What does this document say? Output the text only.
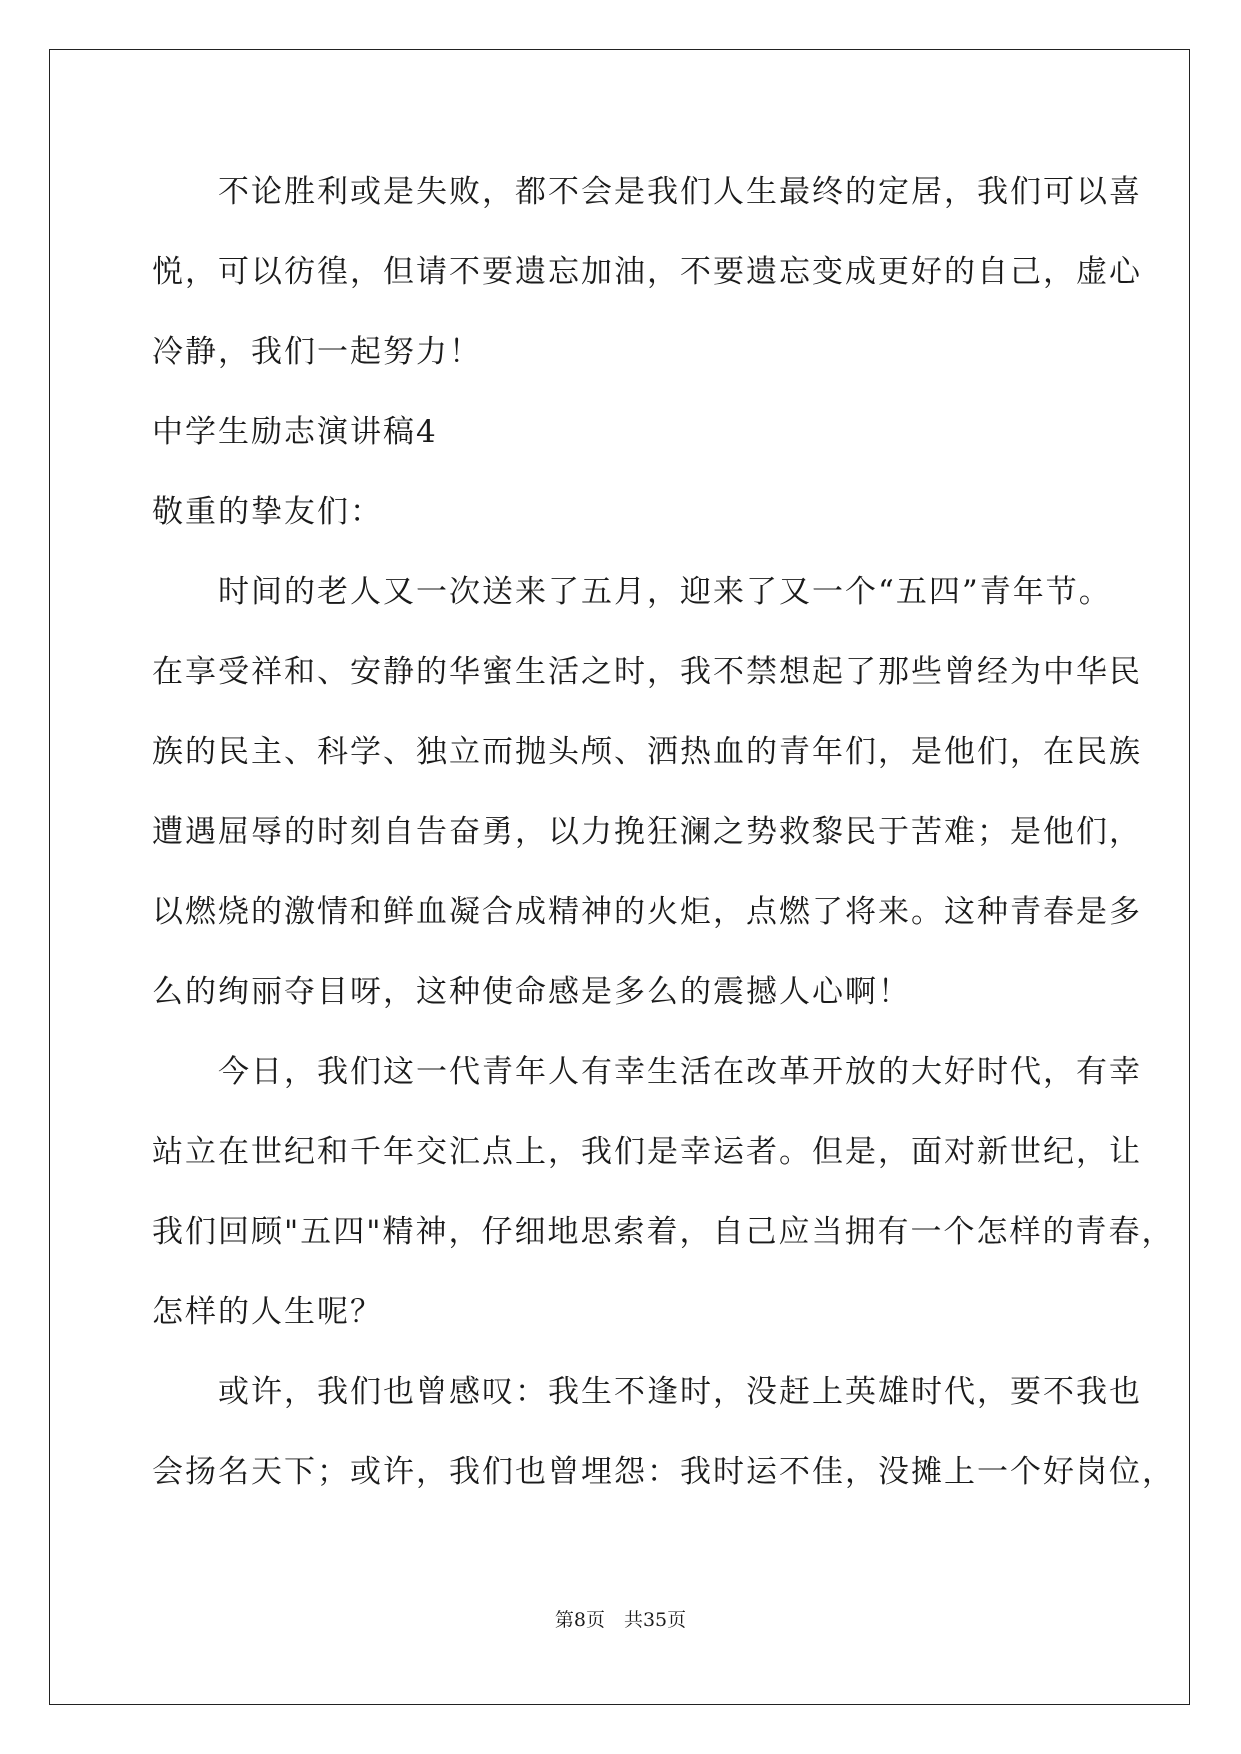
　　不论胜利或是失败，都不会是我们人生最终的定居，我们可以喜
悦，可以彷徨，但请不要遗忘加油，不要遗忘变成更好的自己，虚心
冷静，我们一起努力！
中学生励志演讲稿4
敬重的挚友们：
　　时间的老人又一次送来了五月，迎来了又一个“五四”青年节。
在享受祥和、安静的华蜜生活之时，我不禁想起了那些曾经为中华民
族的民主、科学、独立而抛头颅、洒热血的青年们，是他们，在民族
遭遇屈辱的时刻自告奋勇，以力挽狂澜之势救黎民于苦难；是他们，
以燃烧的激情和鲜血凝合成精神的火炬，点燃了将来。这种青春是多
么的绚丽夺目呀，这种使命感是多么的震撼人心啊！
　　今日，我们这一代青年人有幸生活在改革开放的大好时代，有幸
站立在世纪和千年交汇点上，我们是幸运者。但是，面对新世纪，让
我们回顾"五四"精神，仔细地思索着，自己应当拥有一个怎样的青春，
怎样的人生呢？
　　或许，我们也曾感叹：我生不逢时，没赶上英雄时代，要不我也
会扬名天下；或许，我们也曾埋怨：我时运不佳，没摊上一个好岗位，
第8页　共35页
